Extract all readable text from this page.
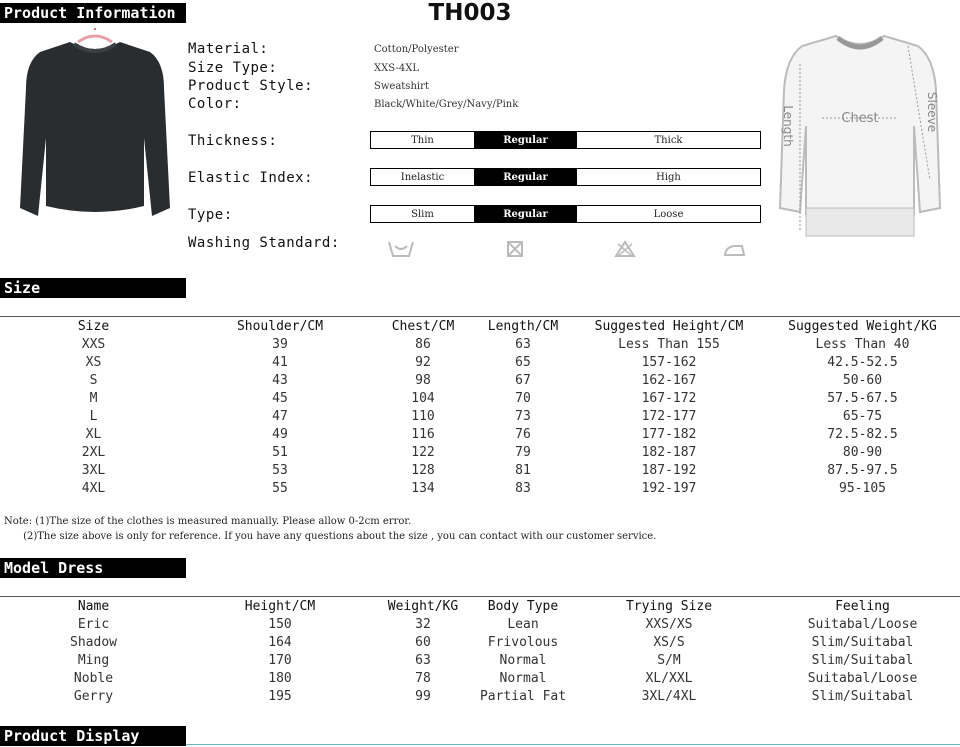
Product Information	TH003
Material:	Cotton/Polyester
Size Type:	XXS-4XL
Product Style:	Sweatshirt
Color:	Black/White/Grey/Navy/Pink
Thickness:	Thin	Regular	Thick
Elastic Index:	Inelastic	Regular	High
Type:	Slim	Regular	Loose
Washing Standard:
Chest
Length	Sleeve
Size
Size	Shoulder/CM	Chest/CM	Length/CM	Suggested Height/CM	Suggested Weight/KG
XXS	39	86	63	Less Than 155	Less Than 40
XS	41	92	65	157-162	42.5-52.5
S	43	98	67	162-167	50-60
M	45	104	70	167-172	57.5-67.5
L	47	110	73	172-177	65-75
XL	49	116	76	177-182	72.5-82.5
2XL	51	122	79	182-187	80-90
3XL	53	128	81	187-192	87.5-97.5
4XL	55	134	83	192-197	95-105
Note: (1)The size of the clothes is measured manually. Please allow 0-2cm error.
(2)The size above is only for reference. If you have any questions about the size , you can contact with our customer service.
Model Dress
Name	Height/CM	Weight/KG	Body Type	Trying Size	Feeling
Eric	150	32	Lean	XXS/XS	Suitabal/Loose
Shadow	164	60	Frivolous	XS/S	Slim/Suitabal
Ming	170	63	Normal	S/M	Slim/Suitabal
Noble	180	78	Normal	XL/XXL	Suitabal/Loose
Gerry	195	99	Partial Fat	3XL/4XL	Slim/Suitabal
Product Display
